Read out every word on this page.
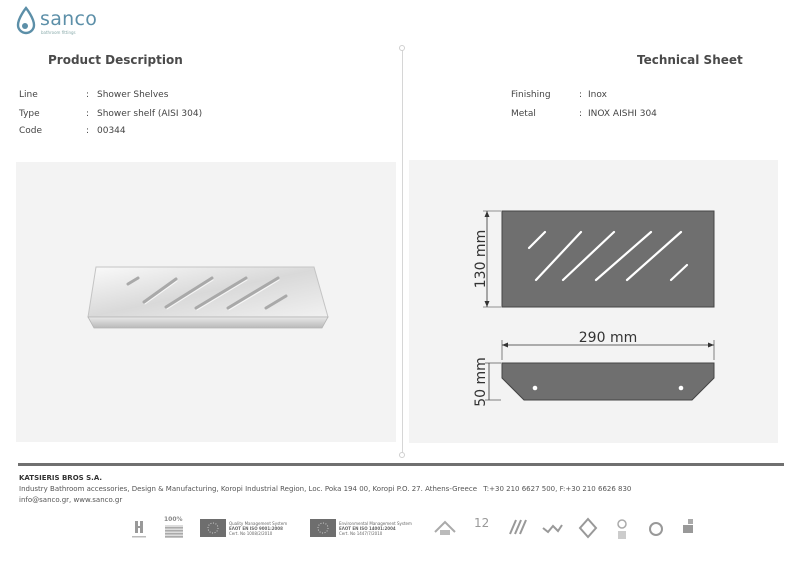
sanco
bathroom fittings
Product Description	Technical Sheet
Line	: Shower Shelves
Type	: Shower shelf (AISI 304)
Code	: 00344
Finishing	: Inox
Metal	: INOX AISHI 304
130 mm
290 mm
50 mm
KATSIERIS BROS S.A.
Industry Bathroom accessories, Design & Manufacturing, Koropi Industrial Region, Loc. Poka 194 00, Koropi P.O. 27. Athens-Greece T:+30 210 6627 500, F:+30 210 6626 830
info@sanco.gr, www.sanco.gr
100%
Quality Management System
ΕΛΟΤ EN ISO 9001:2008
Cert. No 1008/2/2010
Environmental Management System
ΕΛΟΤ EN ISO 14001:2004
Cert. No 1447/7/2010
12
